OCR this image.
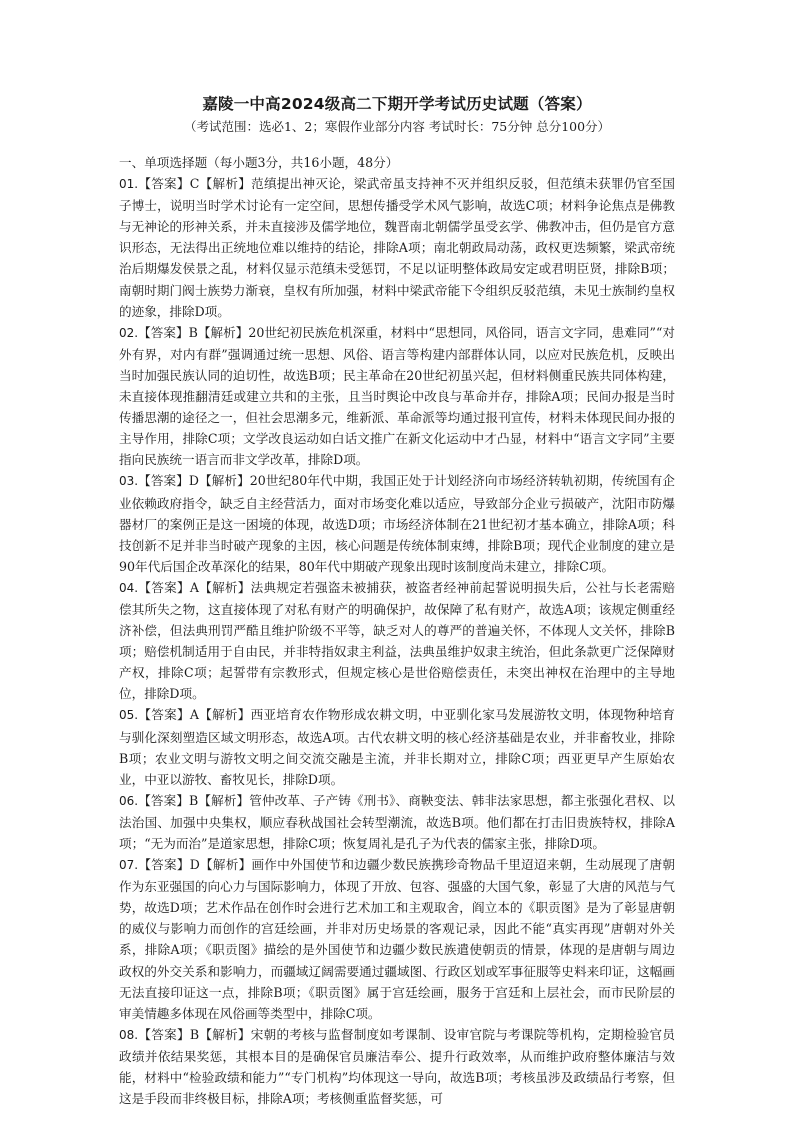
嘉陵一中高2024级高二下期开学考试历史试题（答案）
（考试范围：选必1、2；寒假作业部分内容 考试时长：75分钟 总分100分）

一、单项选择题（每小题3分，共16小题，48分）

01.【答案】C【解析】范缜提出神灭论，梁武帝虽支持神不灭并组织反驳，但范缜未获罪仍官至国子博士，说明当时学术讨论有一定空间，思想传播受学术风气影响，故选C项；材料争论焦点是佛教与无神论的形神关系，并未直接涉及儒学地位，魏晋南北朝儒学虽受玄学、佛教冲击，但仍是官方意识形态，无法得出正统地位难以维持的结论，排除A项；南北朝政局动荡，政权更迭频繁，梁武帝统治后期爆发侯景之乱，材料仅显示范缜未受惩罚，不足以证明整体政局安定或君明臣贤，排除B项；南朝时期门阀士族势力渐衰，皇权有所加强，材料中梁武帝能下令组织反驳范缜，未见士族制约皇权的迹象，排除D项。

02.【答案】B【解析】20世纪初民族危机深重，材料中“思想同，风俗同，语言文字同，患难同”“对外有界，对内有群”强调通过统一思想、风俗、语言等构建内部群体认同，以应对民族危机，反映出当时加强民族认同的迫切性，故选B项；民主革命在20世纪初虽兴起，但材料侧重民族共同体构建，未直接体现推翻清廷或建立共和的主张，且当时舆论中改良与革命并存，排除A项；民间办报是当时传播思潮的途径之一，但社会思潮多元，维新派、革命派等均通过报刊宣传，材料未体现民间办报的主导作用，排除C项；文学改良运动如白话文推广在新文化运动中才凸显，材料中“语言文字同”主要指向民族统一语言而非文学改革，排除D项。

03.【答案】D【解析】20世纪80年代中期，我国正处于计划经济向市场经济转轨初期，传统国有企业依赖政府指令，缺乏自主经营活力，面对市场变化难以适应，导致部分企业亏损破产，沈阳市防爆器材厂的案例正是这一困境的体现，故选D项；市场经济体制在21世纪初才基本确立，排除A项；科技创新不足并非当时破产现象的主因，核心问题是传统体制束缚，排除B项；现代企业制度的建立是90年代后国企改革深化的结果，80年代中期破产现象出现时该制度尚未建立，排除C项。

04.【答案】A【解析】法典规定若强盗未被捕获，被盗者经神前起誓说明损失后，公社与长老需赔偿其所失之物，这直接体现了对私有财产的明确保护，故保障了私有财产，故选A项；该规定侧重经济补偿，但法典刑罚严酷且维护阶级不平等，缺乏对人的尊严的普遍关怀，不体现人文关怀，排除B项；赔偿机制适用于自由民，并非特指奴隶主利益，法典虽维护奴隶主统治，但此条款更广泛保障财产权，排除C项；起誓带有宗教形式，但规定核心是世俗赔偿责任，未突出神权在治理中的主导地位，排除D项。

05.【答案】A【解析】西亚培育农作物形成农耕文明，中亚驯化家马发展游牧文明，体现物种培育与驯化深刻塑造区域文明形态，故选A项。古代农耕文明的核心经济基础是农业，并非畜牧业，排除B项；农业文明与游牧文明之间交流交融是主流，并非长期对立，排除C项；西亚更早产生原始农业，中亚以游牧、畜牧见长，排除D项。

06.【答案】B【解析】管仲改革、子产铸《刑书》、商鞅变法、韩非法家思想，都主张强化君权、以法治国、加强中央集权，顺应春秋战国社会转型潮流，故选B项。他们都在打击旧贵族特权，排除A项；“无为而治”是道家思想，排除C项；恢复周礼是孔子为代表的儒家主张，排除D项。

07.【答案】D【解析】画作中外国使节和边疆少数民族携珍奇物品千里迢迢来朝，生动展现了唐朝作为东亚强国的向心力与国际影响力，体现了开放、包容、强盛的大国气象，彰显了大唐的风范与气势，故选D项；艺术作品在创作时会进行艺术加工和主观取舍，阎立本的《职贡图》是为了彰显唐朝的威仪与影响力而创作的宫廷绘画，并非对历史场景的客观记录，因此不能“真实再现”唐朝对外关系，排除A项；《职贡图》描绘的是外国使节和边疆少数民族遣使朝贡的情景，体现的是唐朝与周边政权的外交关系和影响力，而疆域辽阔需要通过疆域图、行政区划或军事征服等史料来印证，这幅画无法直接印证这一点，排除B项；《职贡图》属于宫廷绘画，服务于宫廷和上层社会，而市民阶层的审美情趣多体现在风俗画等类型中，排除C项。

08.【答案】B【解析】宋朝的考核与监督制度如考课制、设审官院与考课院等机构，定期检验官员政绩并依结果奖惩，其根本目的是确保官员廉洁奉公、提升行政效率，从而维护政府整体廉洁与效能，材料中“检验政绩和能力”“专门机构”均体现这一导向，故选B项；考核虽涉及政绩品行考察，但这是手段而非终极目标，排除A项；考核侧重监督奖惩，可
